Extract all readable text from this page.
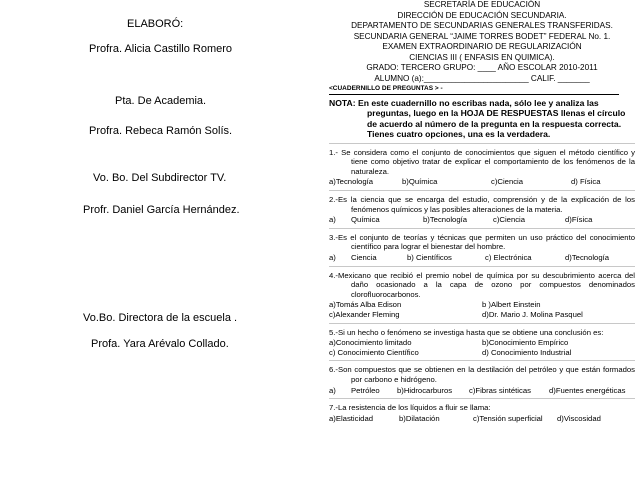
ELABORÓ:
Profra. Alicia Castillo Romero
Pta. De Academia.
Profra. Rebeca Ramón Solís.
Vo. Bo. Del Subdirector TV.
Profr. Daniel García Hernández.
Vo.Bo. Directora de la escuela .
Profa. Yara Arévalo Collado.
SECRETARÍA DE EDUCACIÓN
DIRECCIÓN DE EDUCACIÓN SECUNDARIA.
DEPARTAMENTO DE SECUNDARIAS GENERALES TRANSFERIDAS.
SECUNDARIA GENERAL “JAIME TORRES BODET” FEDERAL No. 1.
EXAMEN EXTRAORDINARIO DE REGULARIZACIÓN
CIENCIAS III ( ENFASIS EN QUIMICA).
GRADO: TERCERO GRUPO: ____ AÑO ESCOLAR 2010-2011
ALUMNO (a):_______________________ CALIF. _______
<CUADERNILLO DE PREGUNTAS > -
NOTA: En este cuadernillo no escribas nada, sólo lee y analiza las preguntas, luego en la HOJA DE RESPUESTAS llenas el círculo de acuerdo al número de la pregunta en la respuesta correcta. Tienes cuatro opciones, una es la verdadera.
1.- Se considera como el conjunto de conocimientos que siguen el método científico y tiene como objetivo tratar de explicar el comportamiento de los fenómenos de la naturaleza.
a)Tecnología	b)Química	c)Ciencia	d) Física
2.-Es la ciencia que se encarga del estudio, comprensión y de la explicación de los fenómenos químicos y las posibles alteraciones de la materia.
a)	Química	b)Tecnología	c)Ciencia	d)Física
3.-Es el conjunto de teorías y técnicas que permiten un uso práctico del conocimiento científico para lograr el bienestar del hombre.
a)	Ciencia	b) Científicos	c) Electrónica	d)Tecnología
4.-Mexicano que recibió el premio nobel de química por su descubrimiento acerca del daño ocasionado a la capa de ozono por compuestos denominados clorofluorocarbonos.
a)Tomás Alba Edison	b )Albert Einstein
c)Alexander Fleming	d)Dr. Mario J. Molina Pasquel
5.-Si un hecho o fenómeno se investiga hasta que se obtiene una conclusión es:
a)Conocimiento limitado	b)Conocimiento Empírico
c) Conocimiento Científico	d) Conocimiento Industrial
6.-Son compuestos que se obtienen en la destilación del petróleo y que están formados por carbono e hidrógeno.
a)	Petróleo	b)Hidrocarburos	c)Fibras sintéticas	d)Fuentes energéticas
7.-La resistencia de los líquidos a fluir se llama:
a)Elasticidad	b)Dilatación	c)Tensión superficial	d)Viscosidad
